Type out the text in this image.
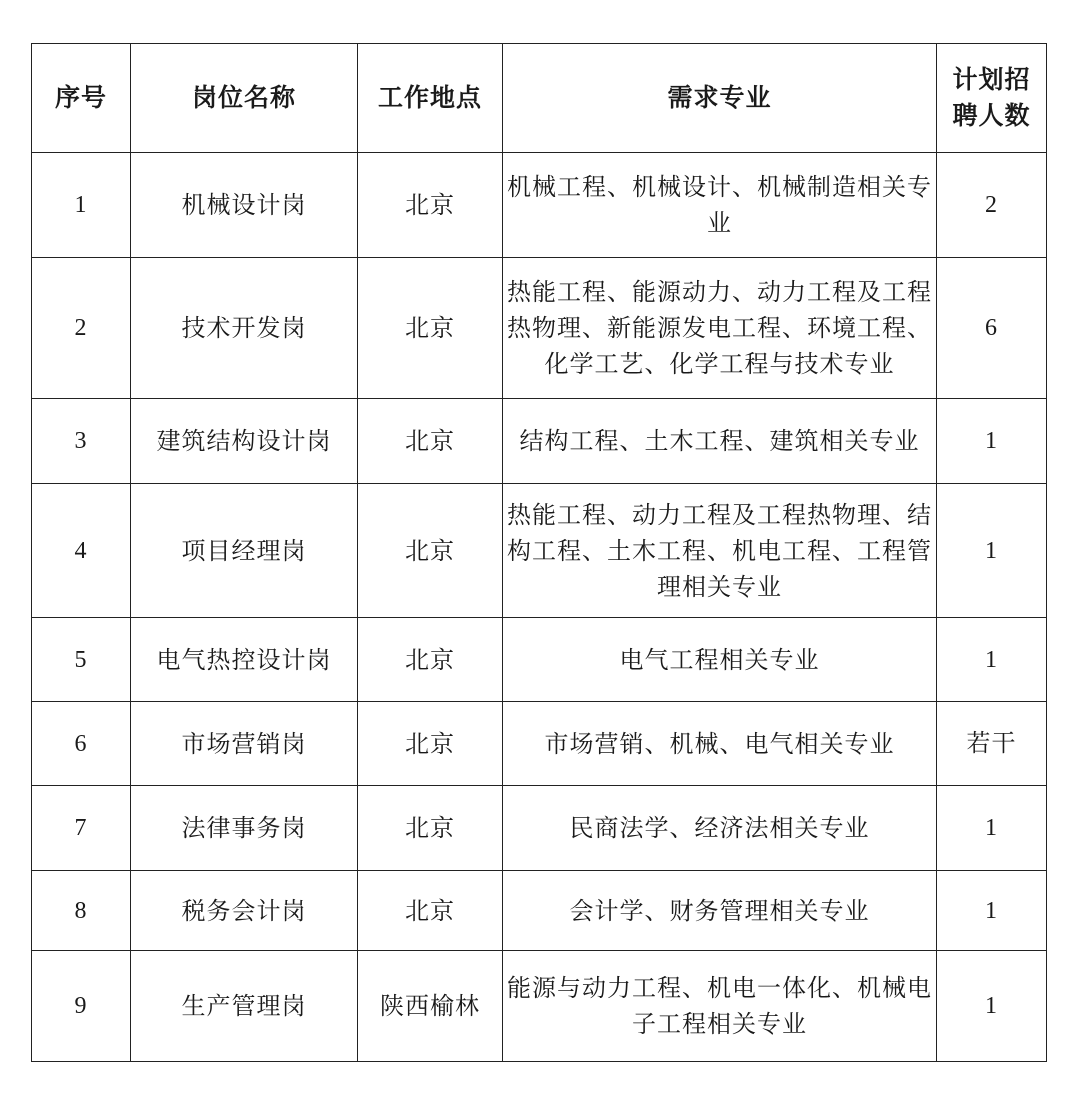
序号	岗位名称	工作地点	需求专业	计划招聘人数
1	机械设计岗	北京	机械工程、机械设计、机械制造相关专业	2
2	技术开发岗	北京	热能工程、能源动力、动力工程及工程热物理、新能源发电工程、环境工程、化学工艺、化学工程与技术专业	6
3	建筑结构设计岗	北京	结构工程、土木工程、建筑相关专业	1
4	项目经理岗	北京	热能工程、动力工程及工程热物理、结构工程、土木工程、机电工程、工程管理相关专业	1
5	电气热控设计岗	北京	电气工程相关专业	1
6	市场营销岗	北京	市场营销、机械、电气相关专业	若干
7	法律事务岗	北京	民商法学、经济法相关专业	1
8	税务会计岗	北京	会计学、财务管理相关专业	1
9	生产管理岗	陕西榆林	能源与动力工程、机电一体化、机械电子工程相关专业	1
